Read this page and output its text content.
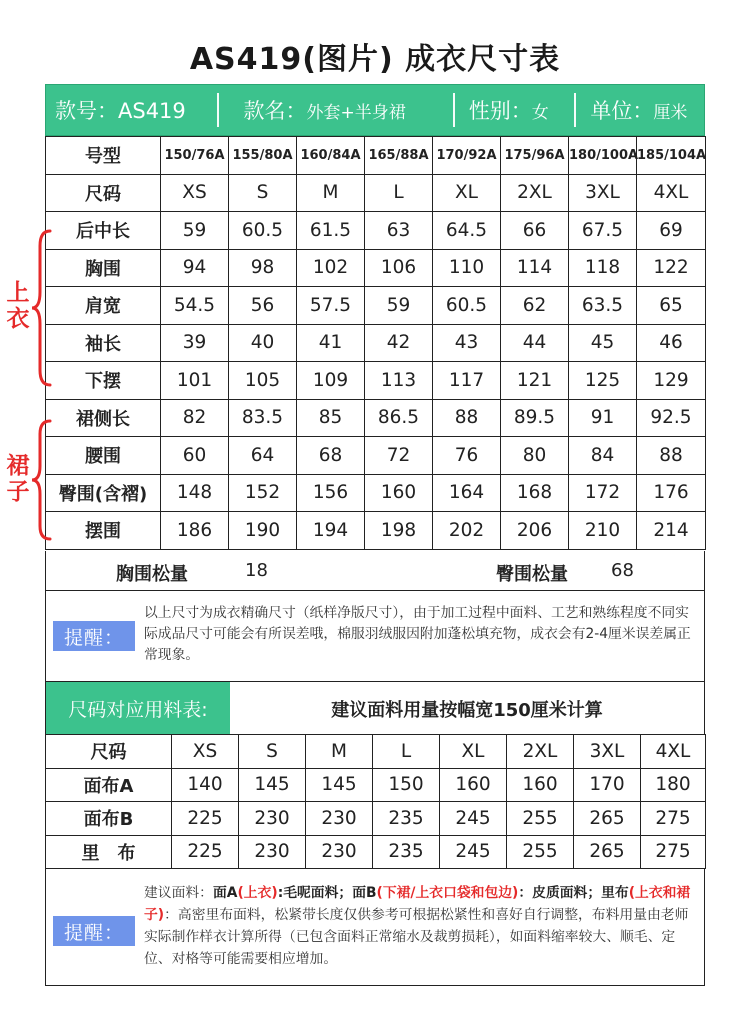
AS419(图片) 成衣尺寸表
款号：AS419	款名： 外套+半身裙	性别： 女 单位： 厘米
号型	150/76A	155/80A	160/84A	165/88A	170/92A	175/96A	180/100A	185/104A
尺码	XS	S	M	L	XL	2XL	3XL	4XL
后中长	59	60.5	61.5	63	64.5	66	67.5	69
胸围	94	98	102	106	110	114	118	122
肩宽	54.5	56	57.5	59	60.5	62	63.5	65
袖长	39	40	41	42	43	44	45	46
下摆	101	105	109	113	117	121	125	129
裙侧长	82	83.5	85	86.5	88	89.5	91	92.5
腰围	60	64	68	72	76	80	84	88
臀围(含褶)	148	152	156	160	164	168	172	176
摆围	186	190	194	198	202	206	210	214
上
衣
裙
子
胸围松量	18	臀围松量 68
提醒：
以上尺寸为成衣精确尺寸（纸样净版尺寸），由于加工过程中面料、工艺和熟练程度不同实际成品尺寸可能会有所误差哦，棉服羽绒服因附加蓬松填充物，成衣会有2-4厘米误差属正常现象。
尺码对应用料表:	建议面料用量按幅宽150厘米计算
尺码	XS	S	M	L	XL	2XL	3XL	4XL
面布A	140	145	145	150	160	160	170	180
面布B	225	230	230	235	245	255	265	275
里　布	225	230	230	235	245	255	265	275
提醒：
建议面料：面A(上衣):毛呢面料；面B(下裙/上衣口袋和包边)：皮质面料；里布(上衣和裙子)：高密里布面料，松紧带长度仅供参考可根据松紧性和喜好自行调整，布料用量由老师实际制作样衣计算所得（已包含面料正常缩水及裁剪损耗），如面料缩率较大、顺毛、定位、对格等可能需要相应增加。
